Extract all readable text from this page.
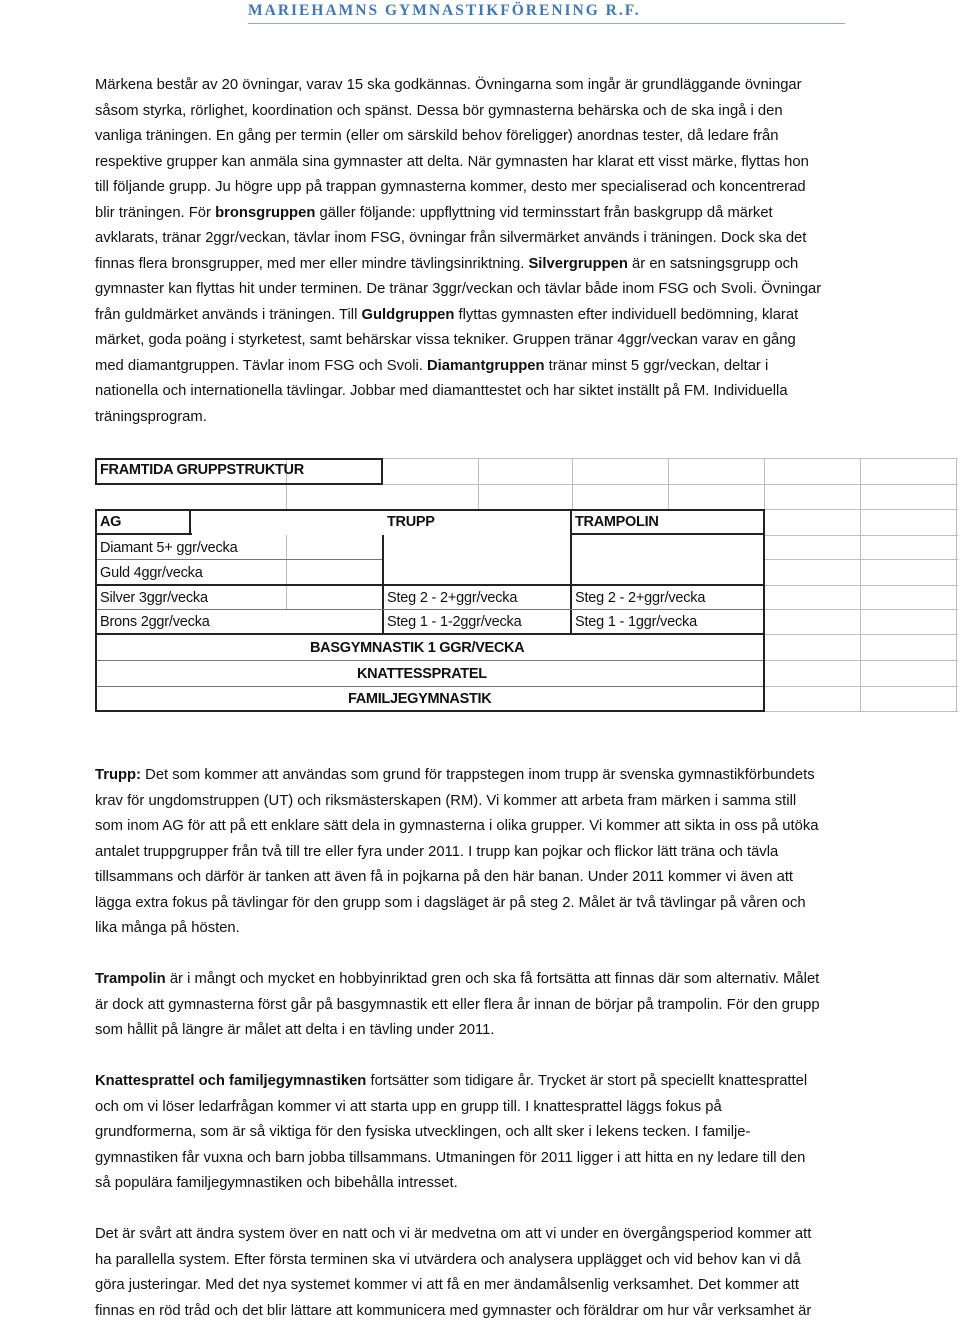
MARIEHAMNS GYMNASTIKFÖRENING R.F.
Märkena består av 20 övningar, varav 15 ska godkännas. Övningarna som ingår är grundläggande övningar
såsom styrka, rörlighet, koordination och spänst. Dessa bör gymnasterna behärska och de ska ingå i den
vanliga träningen. En gång per termin (eller om särskild behov föreligger) anordnas tester, då ledare från
respektive grupper kan anmäla sina gymnaster att delta. När gymnasten har klarat ett visst märke, flyttas hon
till följande grupp. Ju högre upp på trappan gymnasterna kommer, desto mer specialiserad och koncentrerad
blir träningen. För bronsgruppen gäller följande: uppflyttning vid terminsstart från baskgrupp då märket
avklarats, tränar 2ggr/veckan, tävlar inom FSG, övningar från silvermärket används i träningen. Dock ska det
finnas flera bronsgrupper, med mer eller mindre tävlingsinriktning. Silvergruppen är en satsningsgrupp och
gymnaster kan flyttas hit under terminen. De tränar 3ggr/veckan och tävlar både inom FSG och Svoli. Övningar
från guldmärket används i träningen. Till Guldgruppen flyttas gymnasten efter individuell bedömning, klarat
märket, goda poäng i styrketest, samt behärskar vissa tekniker. Gruppen tränar 4ggr/veckan varav en gång
med diamantgruppen. Tävlar inom FSG och Svoli. Diamantgruppen tränar minst 5 ggr/veckan, deltar i
nationella och internationella tävlingar. Jobbar med diamanttestet och har siktet inställt på FM. Individuella
träningsprogram.
FRAMTIDA GRUPPSTRUKTUR
AG	TRUPP	TRAMPOLIN
Diamant 5+ ggr/vecka
Guld 4ggr/vecka
Silver 3ggr/vecka
Brons 2ggr/vecka
Steg 2 - 2+ggr/vecka
Steg 1 - 1-2ggr/vecka
Steg 2 - 2+ggr/vecka
Steg 1 - 1ggr/vecka
BASGYMNASTIK 1 GGR/VECKA
KNATTESSPRATEL
FAMILJEGYMNASTIK
Trupp: Det som kommer att användas som grund för trappstegen inom trupp är svenska gymnastikförbundets
krav för ungdomstruppen (UT) och riksmästerskapen (RM). Vi kommer att arbeta fram märken i samma still
som inom AG för att på ett enklare sätt dela in gymnasterna i olika grupper. Vi kommer att sikta in oss på utöka
antalet truppgrupper från två till tre eller fyra under 2011. I trupp kan pojkar och flickor lätt träna och tävla
tillsammans och därför är tanken att även få in pojkarna på den här banan. Under 2011 kommer vi även att
lägga extra fokus på tävlingar för den grupp som i dagsläget är på steg 2. Målet är två tävlingar på våren och
lika många på hösten.
Trampolin är i mångt och mycket en hobbyinriktad gren och ska få fortsätta att finnas där som alternativ. Målet
är dock att gymnasterna först går på basgymnastik ett eller flera år innan de börjar på trampolin. För den grupp
som hållit på längre är målet att delta i en tävling under 2011.
Knattesprattel och familjegymnastiken fortsätter som tidigare år. Trycket är stort på speciellt knattesprattel
och om vi löser ledarfrågan kommer vi att starta upp en grupp till. I knattesprattel läggs fokus på
grundformerna, som är så viktiga för den fysiska utvecklingen, och allt sker i lekens tecken. I familje-
gymnastiken får vuxna och barn jobba tillsammans. Utmaningen för 2011 ligger i att hitta en ny ledare till den
så populära familjegymnastiken och bibehålla intresset.
Det är svårt att ändra system över en natt och vi är medvetna om att vi under en övergångsperiod kommer att
ha parallella system. Efter första terminen ska vi utvärdera och analysera upplägget och vid behov kan vi då
göra justeringar. Med det nya systemet kommer vi att få en mer ändamålsenlig verksamhet. Det kommer att
finnas en röd tråd och det blir lättare att kommunicera med gymnaster och föräldrar om hur vår verksamhet är
